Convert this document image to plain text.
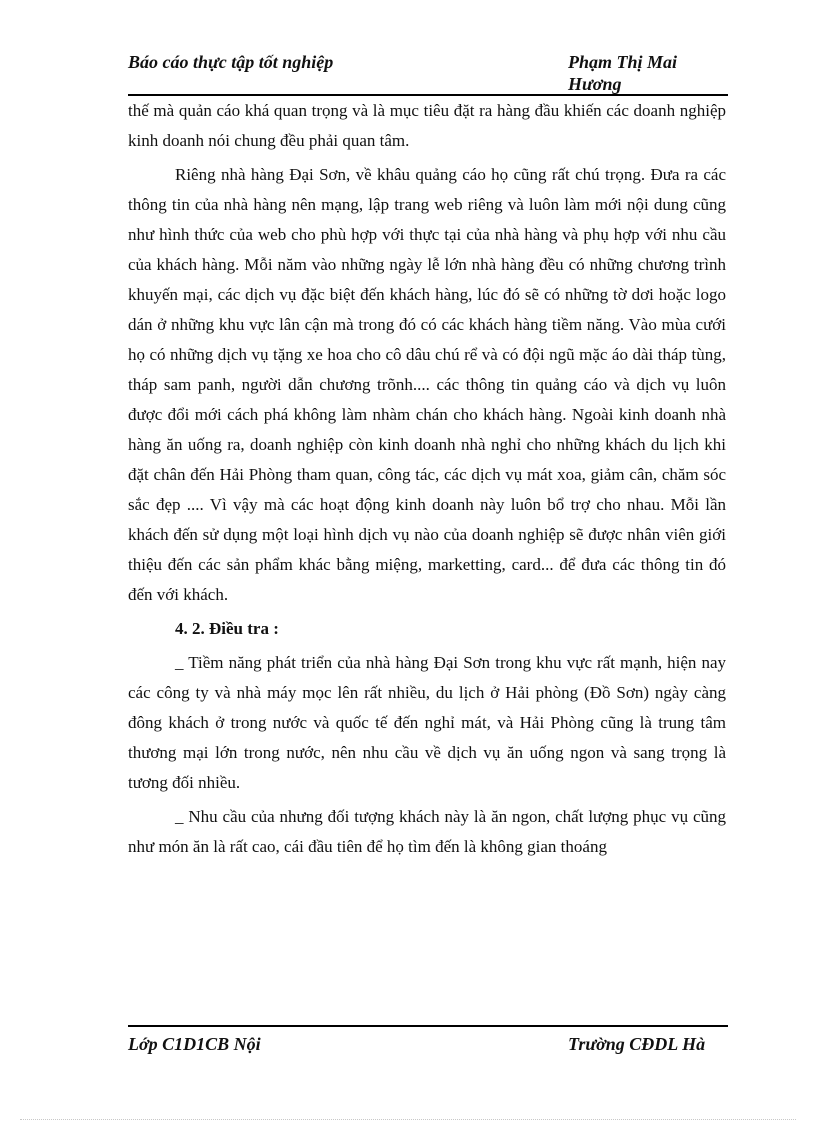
Báo cáo thực tập tốt nghiệp	Phạm Thị Mai Hương

thế mà quản cáo khá quan trọng và là mục tiêu đặt ra hàng đầu khiến các doanh nghiệp kinh doanh nói chung đều phải quan tâm.

Riêng nhà hàng Đại Sơn, về khâu quảng cáo họ cũng rất chú trọng. Đưa ra các thông tin của nhà hàng nên mạng, lập trang web riêng và luôn làm mới nội dung cũng như hình thức của web cho phù hợp với thực tại của nhà hàng và phụ hợp với nhu cầu của khách hàng. Mỗi năm vào những ngày lễ lớn nhà hàng đều có những chương trình khuyến mại, các dịch vụ đặc biệt đến khách hàng, lúc đó sẽ có những tờ dơi hoặc logo dán ở những khu vực lân cận mà trong đó có các khách hàng tiềm năng. Vào mùa cưới họ có những dịch vụ tặng xe hoa cho cô dâu chú rể và có đội ngũ mặc áo dài tháp tùng, tháp sam panh, người dẫn chương trõnh.... các thông tin quảng cáo và dịch vụ luôn được đổi mới cách phá không làm nhàm chán cho khách hàng. Ngoài kinh doanh nhà hàng ăn uống ra, doanh nghiệp còn kinh doanh nhà nghỉ cho những khách du lịch khi đặt chân đến Hải Phòng tham quan, công tác, các dịch vụ mát xoa, giảm cân, chăm sóc sắc đẹp .... Vì vậy mà các hoạt động kinh doanh này luôn bổ trợ cho nhau. Mỗi lần khách đến sử dụng một loại hình dịch vụ nào của doanh nghiệp sẽ được nhân viên giới thiệu đến các sản phẩm khác bằng miệng, marketting, card... để đưa các thông tin đó đến với khách.

4. 2. Điều tra :

_ Tiềm năng phát triển của nhà hàng Đại Sơn trong khu vực rất mạnh, hiện nay các công ty và nhà máy mọc lên rất nhiều, du lịch ở Hải phòng (Đồ Sơn) ngày càng đông khách ở trong nước và quốc tế đến nghỉ mát, và Hải Phòng cũng là trung tâm thương mại lớn trong nước, nên nhu cầu về dịch vụ ăn uống ngon và sang trọng là tương đối nhiều.

_ Nhu cầu của nhưng đối tượng khách này là ăn ngon, chất lượng phục vụ cũng như món ăn là rất cao, cái đầu tiên để họ tìm đến là không gian thoáng

Lớp C1D1CB Nội	Trường CĐDL Hà
